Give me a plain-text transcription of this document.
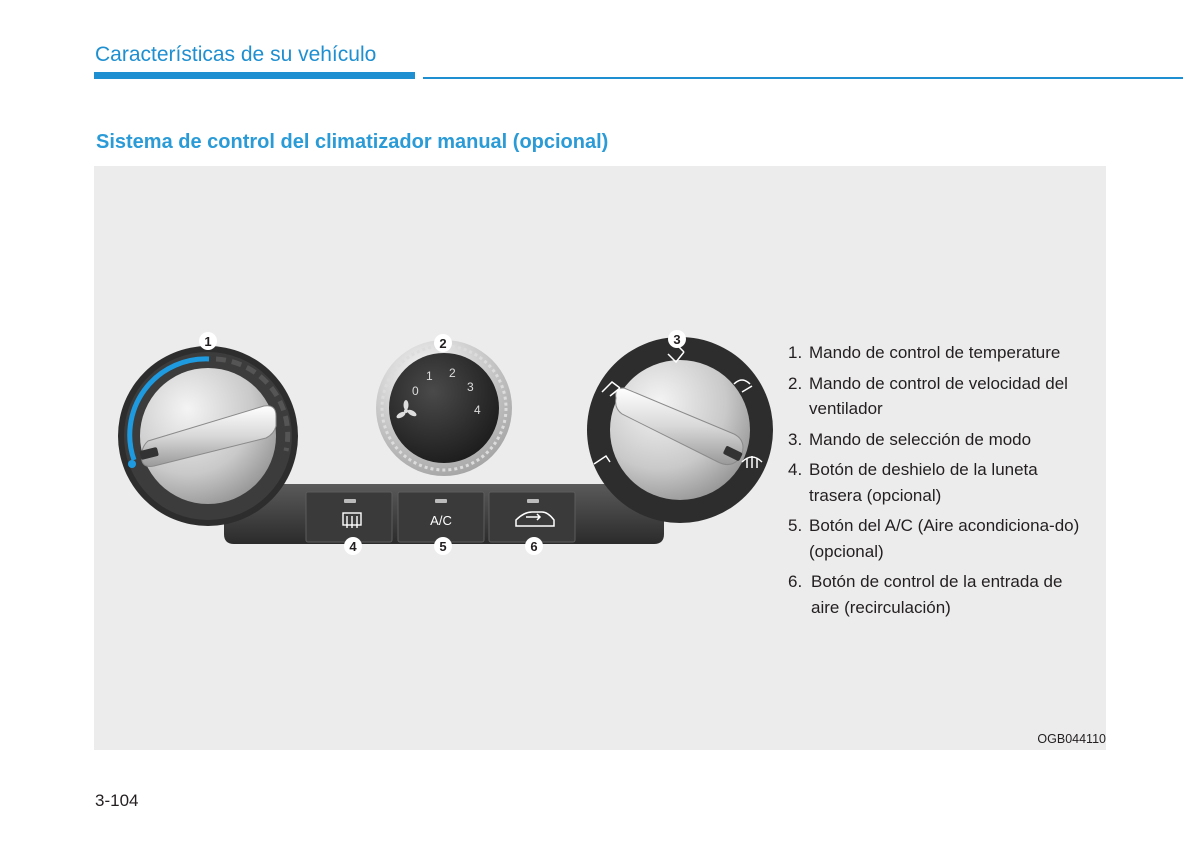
Características de su vehículo
Sistema de control del climatizador manual (opcional)
A/C
0
1 2
3
4
1	2	3
4	5	6
1. Mando de control de temperature
2. Mando de control de velocidad del ventilador
3. Mando de selección de modo
4. Botón de deshielo de la luneta trasera (opcional)
5. Botón del A/C (Aire acondiciona-do) (opcional)
6. Botón de control de la entrada de aire (recirculación)
OGB044110
3-104
